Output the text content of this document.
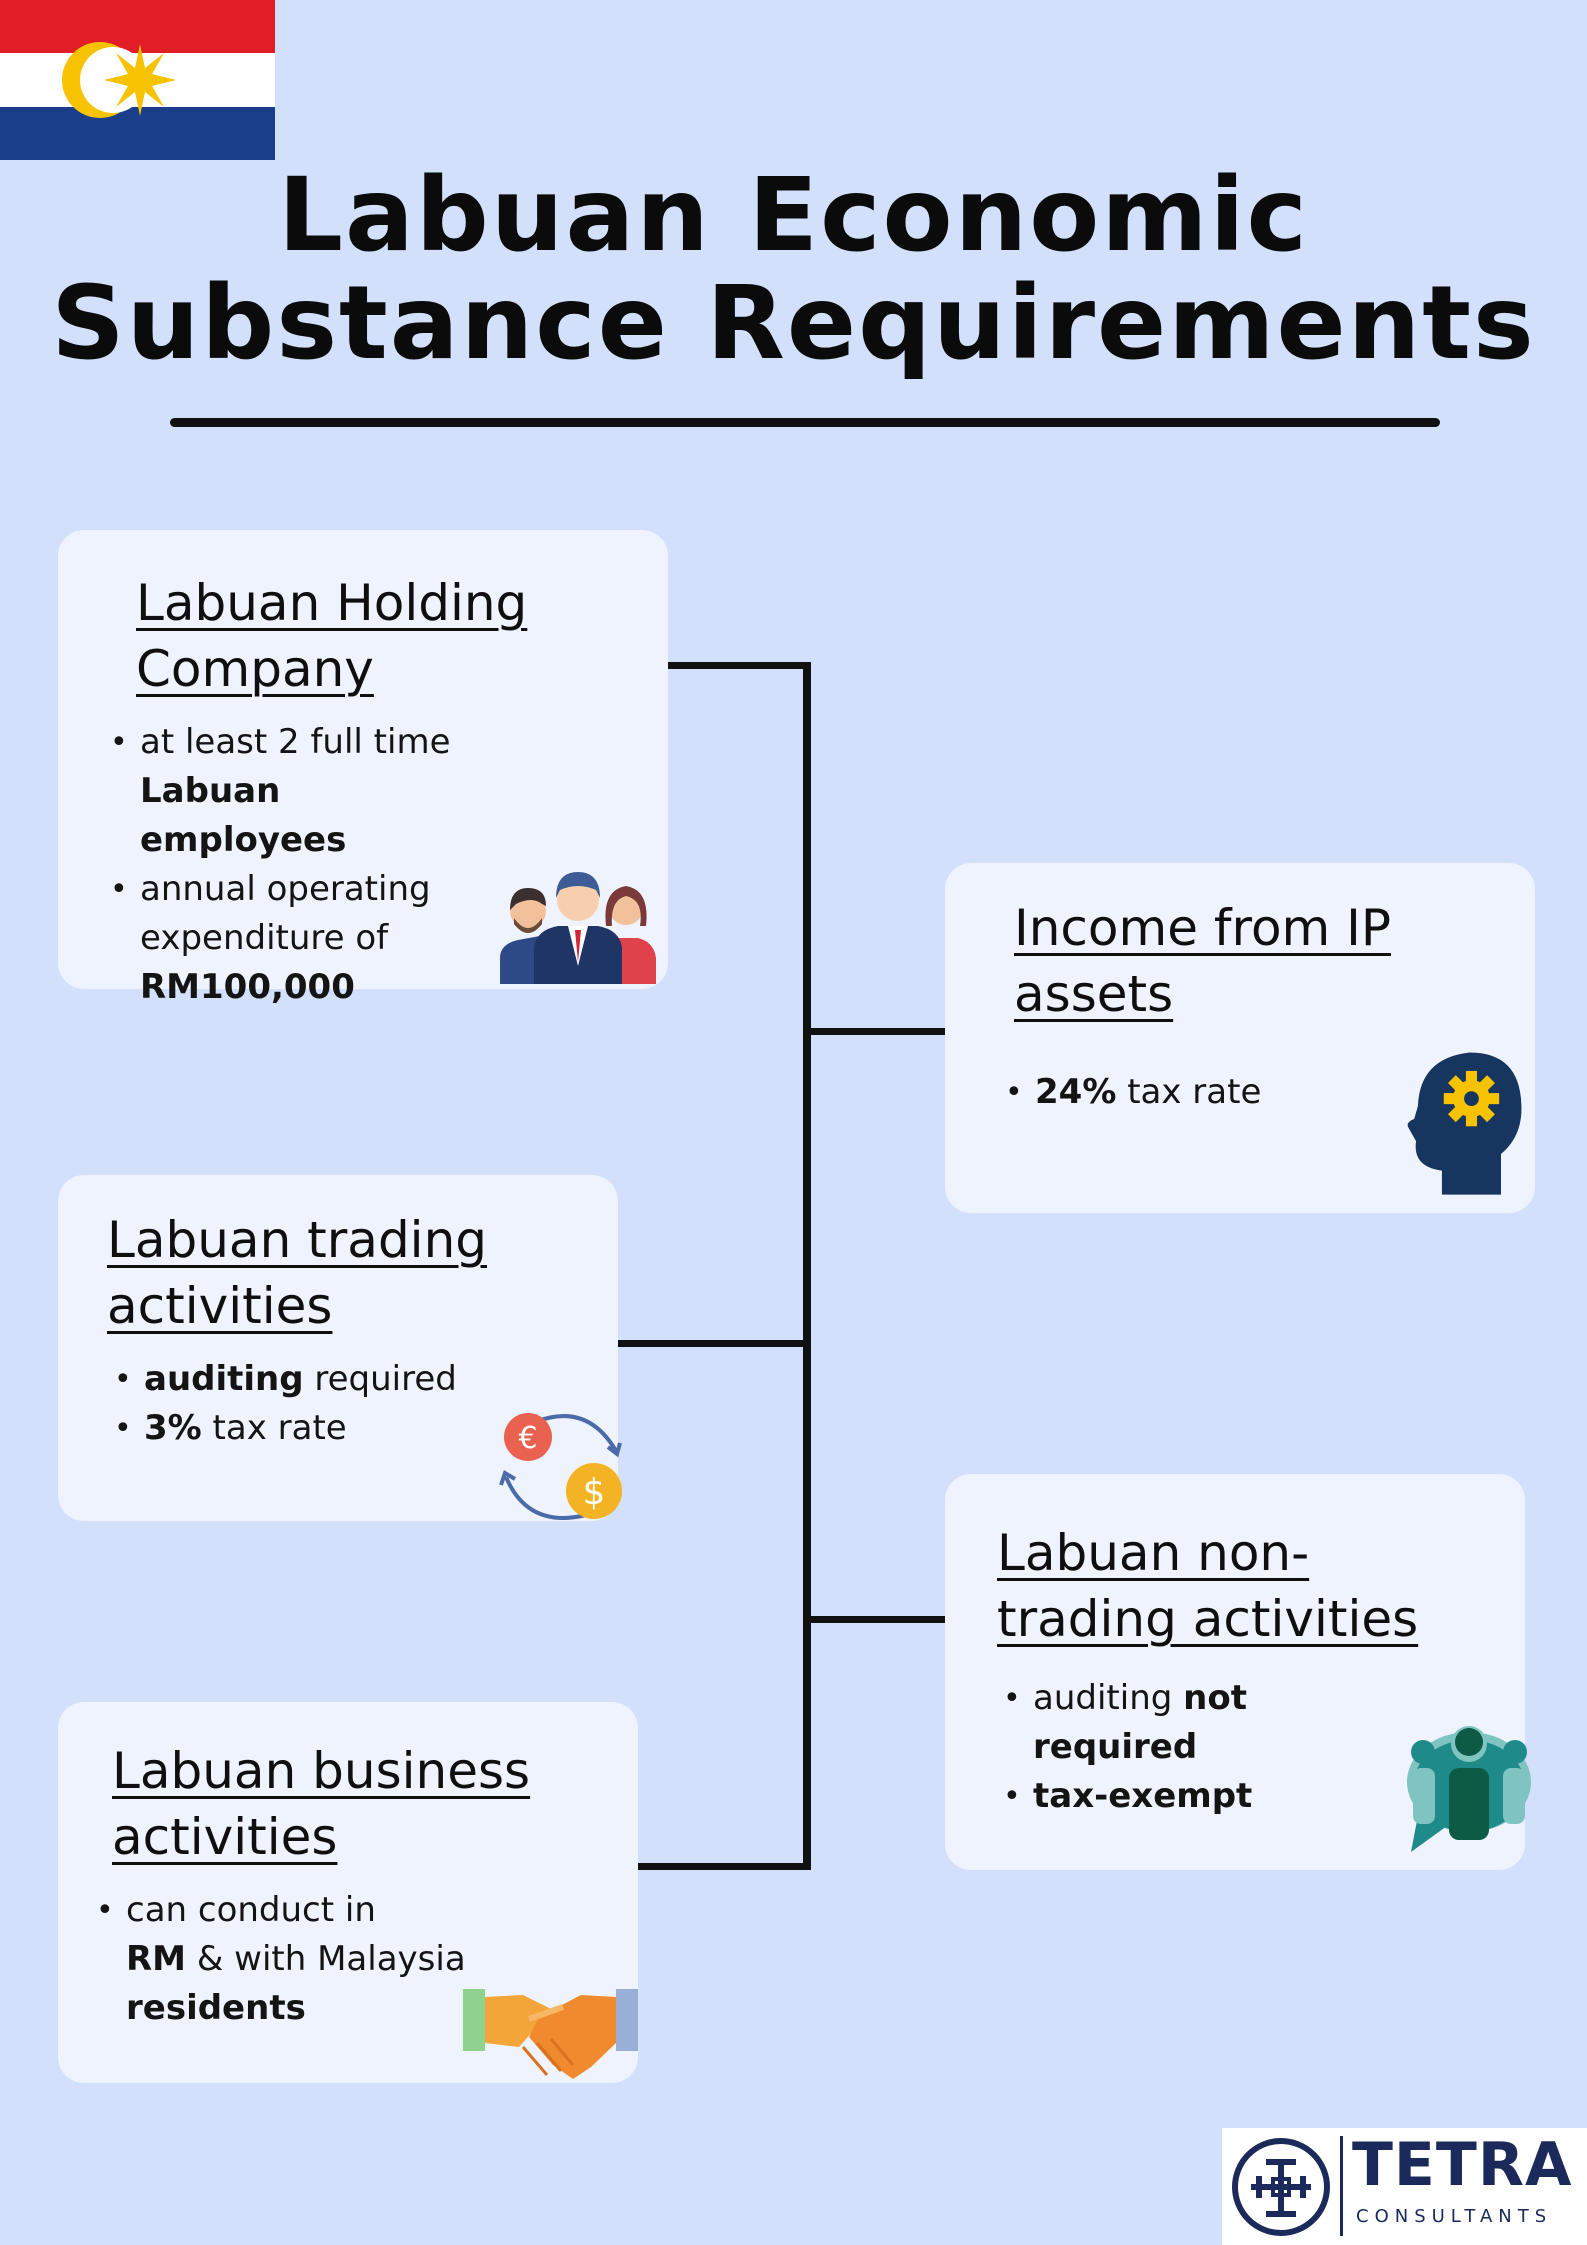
Labuan Economic
Substance Requirements
Labuan Holding
Company
• at least 2 full time Labuan
employees
• annual operating
expenditure of
RM100,000
Labuan trading
activities
• auditing required
• 3% tax rate	€
$
Labuan business
activities
• can conduct in
RM & with Malaysia
residents
Income from IP
assets
• 24% tax rate
Labuan non-
trading activities
• auditing not
required
• tax-exempt
TETRA
CONSULTANTS
